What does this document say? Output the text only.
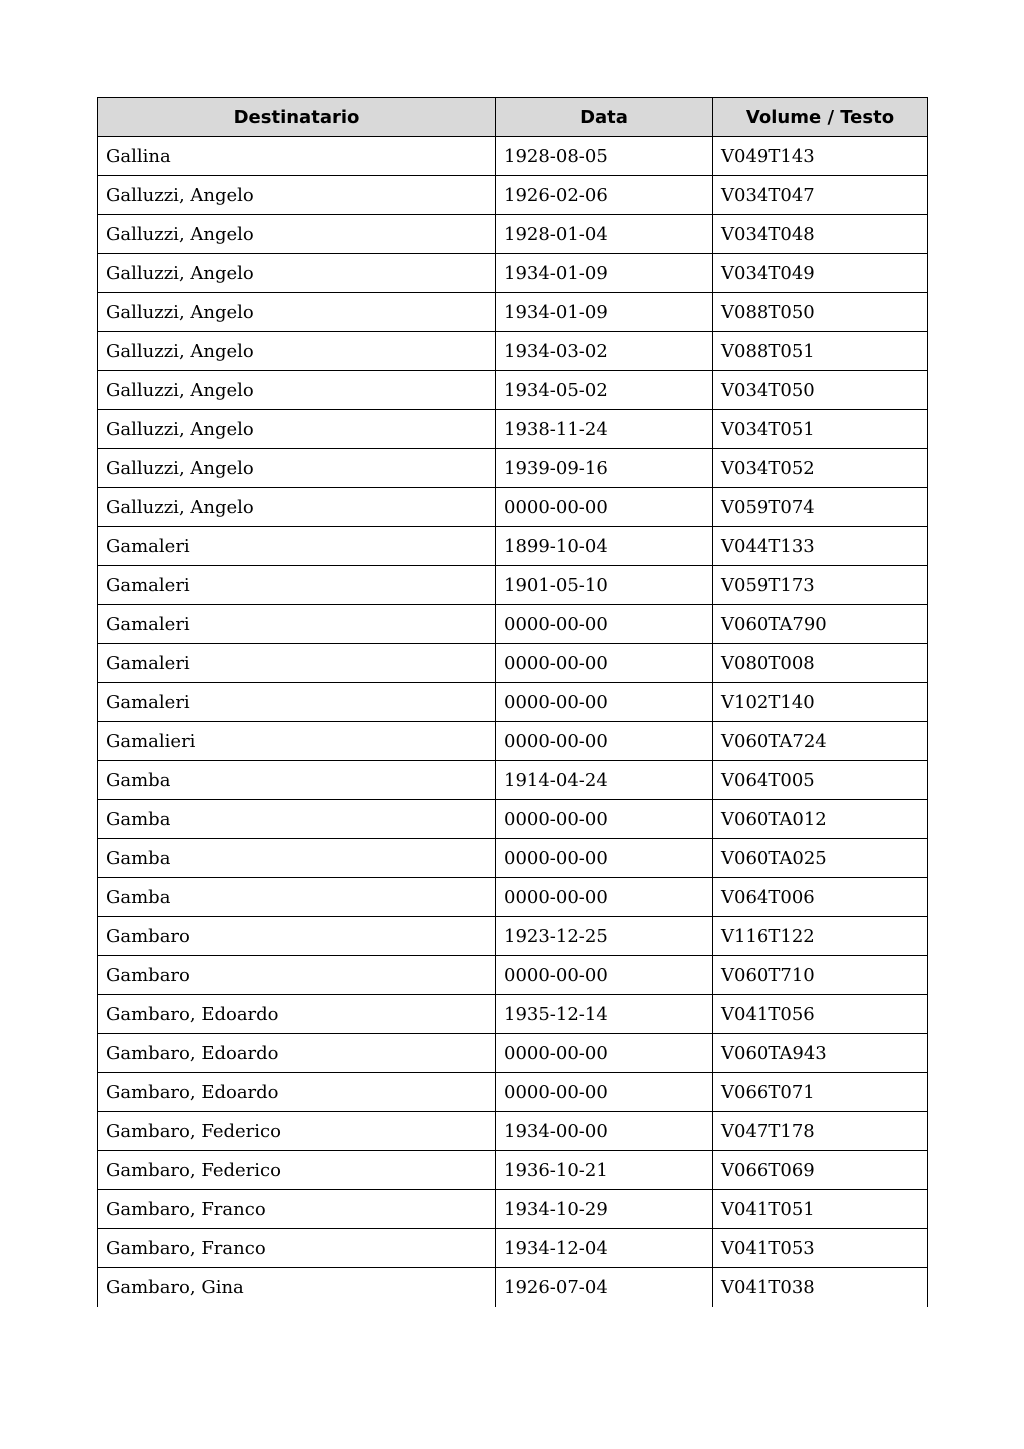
Destinatario	Data	Volume / Testo
Gallina	1928-08-05	V049T143
Galluzzi, Angelo	1926-02-06	V034T047
Galluzzi, Angelo	1928-01-04	V034T048
Galluzzi, Angelo	1934-01-09	V034T049
Galluzzi, Angelo	1934-01-09	V088T050
Galluzzi, Angelo	1934-03-02	V088T051
Galluzzi, Angelo	1934-05-02	V034T050
Galluzzi, Angelo	1938-11-24	V034T051
Galluzzi, Angelo	1939-09-16	V034T052
Galluzzi, Angelo	0000-00-00	V059T074
Gamaleri	1899-10-04	V044T133
Gamaleri	1901-05-10	V059T173
Gamaleri	0000-00-00	V060TA790
Gamaleri	0000-00-00	V080T008
Gamaleri	0000-00-00	V102T140
Gamalieri	0000-00-00	V060TA724
Gamba	1914-04-24	V064T005
Gamba	0000-00-00	V060TA012
Gamba	0000-00-00	V060TA025
Gamba	0000-00-00	V064T006
Gambaro	1923-12-25	V116T122
Gambaro	0000-00-00	V060T710
Gambaro, Edoardo	1935-12-14	V041T056
Gambaro, Edoardo	0000-00-00	V060TA943
Gambaro, Edoardo	0000-00-00	V066T071
Gambaro, Federico	1934-00-00	V047T178
Gambaro, Federico	1936-10-21	V066T069
Gambaro, Franco	1934-10-29	V041T051
Gambaro, Franco	1934-12-04	V041T053
Gambaro, Gina	1926-07-04	V041T038
